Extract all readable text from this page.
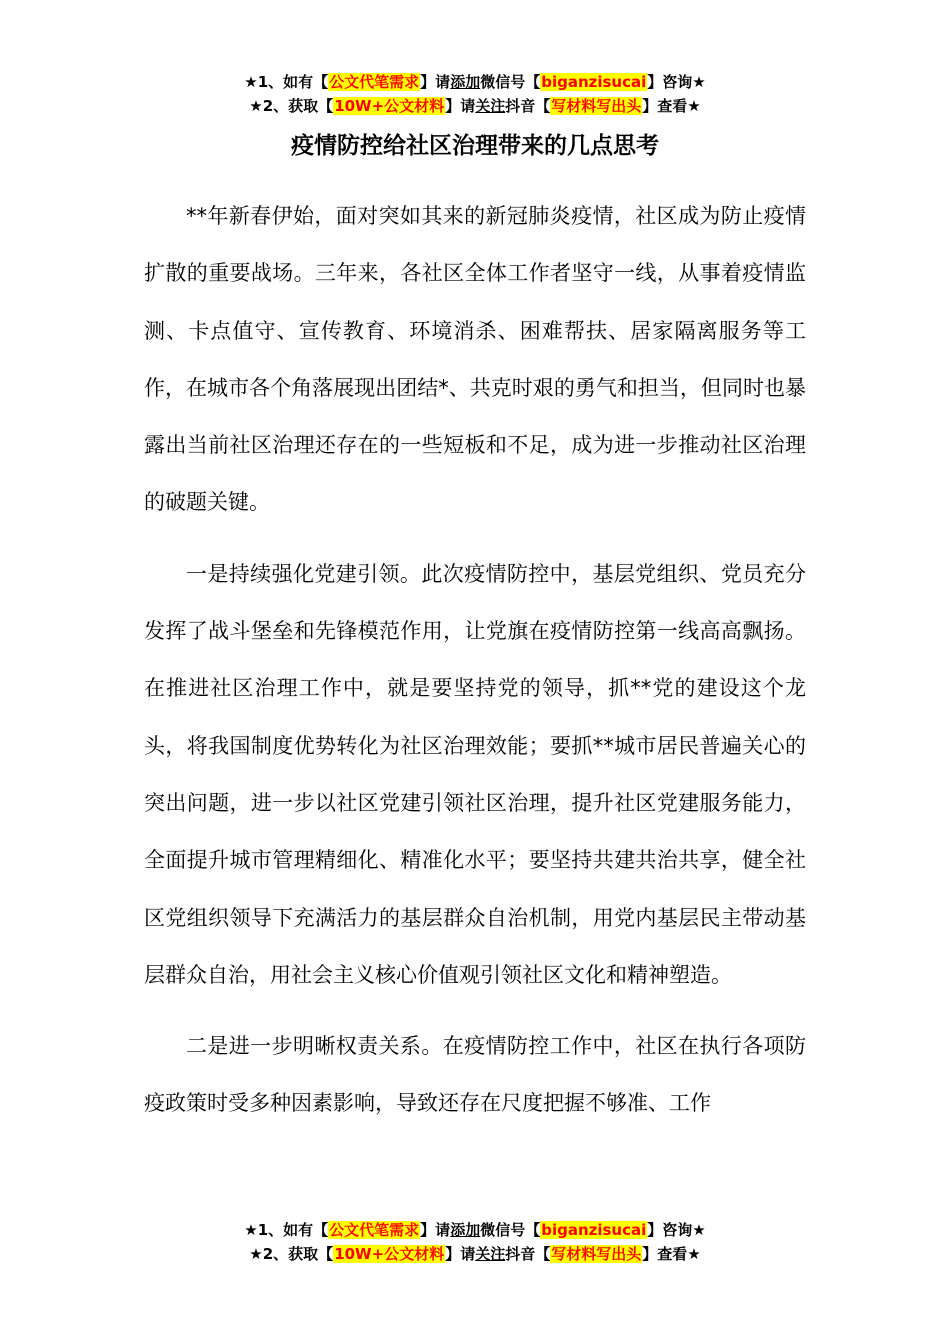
★1、如有【公文代笔需求】请添加微信号【biganzisucai】咨询★
★2、获取【10W+公文材料】请关注抖音【写材料写出头】查看★
疫情防控给社区治理带来的几点思考

**年新春伊始，面对突如其来的新冠肺炎疫情，社区成为防止疫情扩散的重要战场。三年来，各社区全体工作者坚守一线，从事着疫情监测、卡点值守、宣传教育、环境消杀、困难帮扶、居家隔离服务等工作，在城市各个角落展现出团结*、共克时艰的勇气和担当，但同时也暴露出当前社区治理还存在的一些短板和不足，成为进一步推动社区治理的破题关键。

一是持续强化党建引领。此次疫情防控中，基层党组织、党员充分发挥了战斗堡垒和先锋模范作用，让党旗在疫情防控第一线高高飘扬。在推进社区治理工作中，就是要坚持党的领导，抓**党的建设这个龙头，将我国制度优势转化为社区治理效能；要抓**城市居民普遍关心的突出问题，进一步以社区党建引领社区治理，提升社区党建服务能力，全面提升城市管理精细化、精准化水平；要坚持共建共治共享，健全社区党组织领导下充满活力的基层群众自治机制，用党内基层民主带动基层群众自治，用社会主义核心价值观引领社区文化和精神塑造。

二是进一步明晰权责关系。在疫情防控工作中，社区在执行各项防疫政策时受多种因素影响，导致还存在尺度把握不够准、工作

★1、如有【公文代笔需求】请添加微信号【biganzisucai】咨询★
★2、获取【10W+公文材料】请关注抖音【写材料写出头】查看★
